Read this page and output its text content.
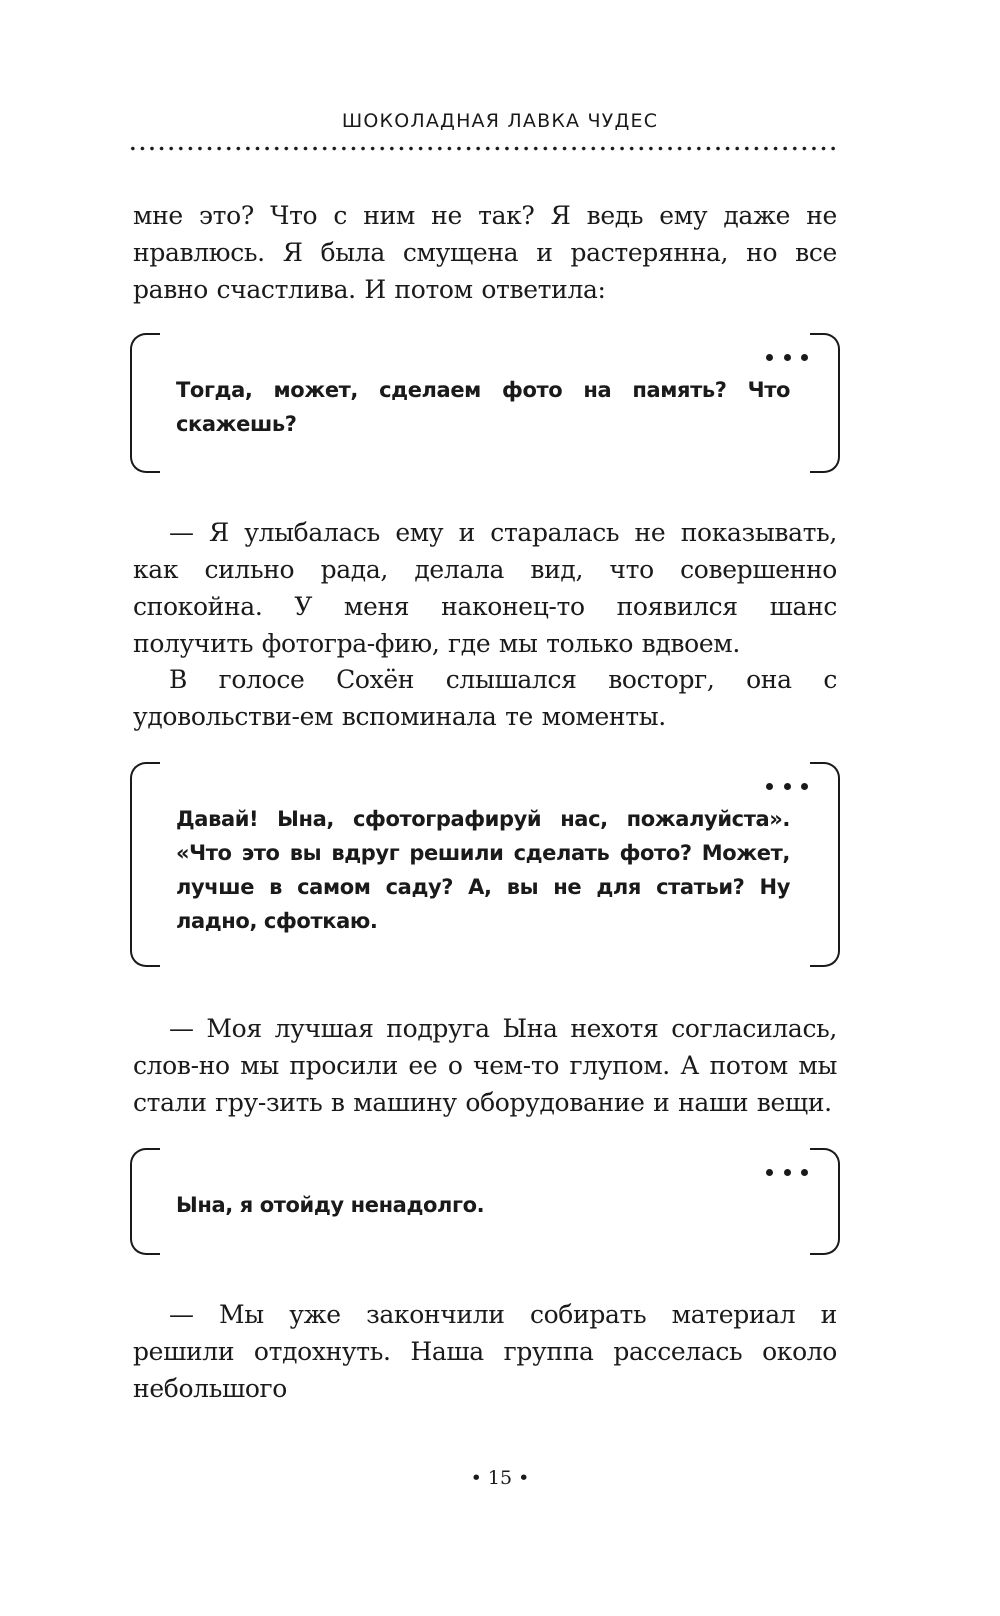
ШОКОЛАДНАЯ ЛАВКА ЧУДЕС

мне это? Что с ним не так? Я ведь ему даже не нравлюсь. Я была смущена и растерянна, но все равно счастлива. И потом ответила:

Тогда, может, сделаем фото на память? Что скажешь?

— Я улыбалась ему и старалась не показывать, как сильно рада, делала вид, что совершенно спокойна. У меня наконец-то появился шанс получить фотогра-фию, где мы только вдвоем.

В голосе Сохён слышался восторг, она с удовольстви-ем вспоминала те моменты.

Давай! Ына, сфотографируй нас, пожалуйста». «Что это вы вдруг решили сделать фото? Может, лучше в самом саду? А, вы не для статьи? Ну ладно, сфоткаю.

— Моя лучшая подруга Ына нехотя согласилась, слов-но мы просили ее о чем-то глупом. А потом мы стали гру-зить в машину оборудование и наши вещи.

Ына, я отойду ненадолго.

— Мы уже закончили собирать материал и решили отдохнуть. Наша группа расселась около небольшого

• 15 •
